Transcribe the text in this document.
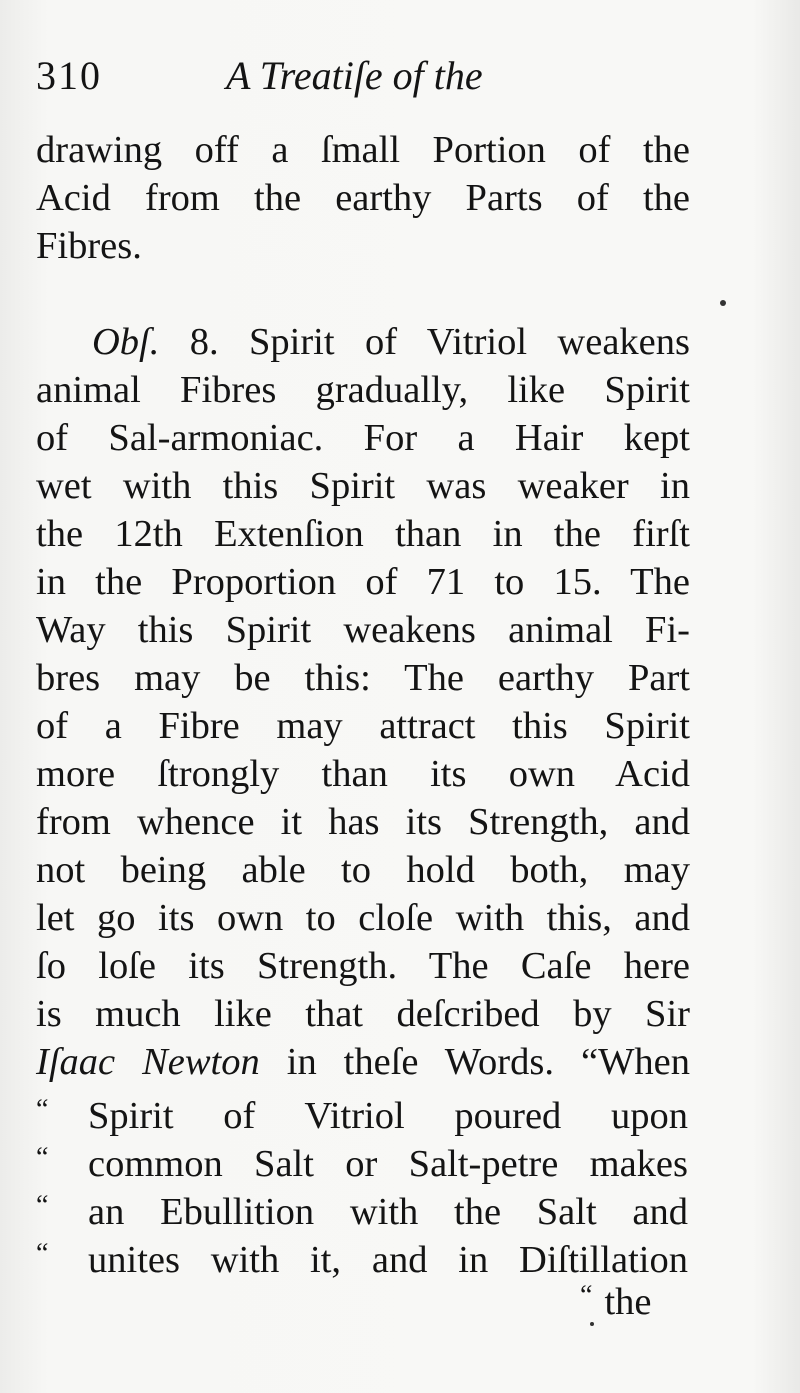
310	A Treatiſe of the
drawing off a ſmall Portion of the
Acid from the earthy Parts of the
Fibres.
Obſ. 8. Spirit of Vitriol weakens
animal Fibres gradually, like Spirit
of Sal-armoniac. For a Hair kept
wet with this Spirit was weaker in
the 12th Extenſion than in the firſt
in the Proportion of 71 to 15. The
Way this Spirit weakens animal Fi-
bres may be this: The earthy Part
of a Fibre may attract this Spirit
more ſtrongly than its own Acid
from whence it has its Strength, and
not being able to hold both, may
let go its own to cloſe with this, and
ſo loſe its Strength. The Caſe here
is much like that deſcribed by Sir
Iſaac Newton in theſe Words. “When
“ Spirit of Vitriol poured upon
“ common Salt or Salt-petre makes
“ an Ebullition with the Salt and
“ unites with it, and in Diſtillation
“ the
